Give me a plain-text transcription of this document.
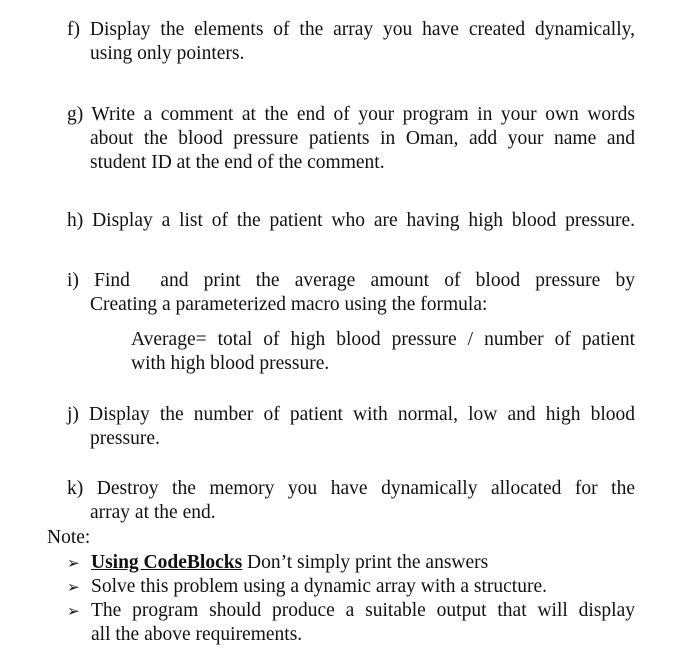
f) Display the elements of the array you have created dynamically,
using only pointers.
g) Write a comment at the end of your program in your own words
about the blood pressure patients in Oman, add your name and
student ID at the end of the comment.
h) Display a list of the patient who are having high blood pressure.
i) Find  and print the average amount of blood pressure by
Creating a parameterized macro using the formula:
Average= total of high blood pressure / number of patient
with high blood pressure.
j) Display the number of patient with normal, low and high blood
pressure.
k) Destroy the memory you have dynamically allocated for the
array at the end.
Note:
➢ Using CodeBlocks Don’t simply print the answers
➢ Solve this problem using a dynamic array with a structure.
➢ The program should produce a suitable output that will display
all the above requirements.
